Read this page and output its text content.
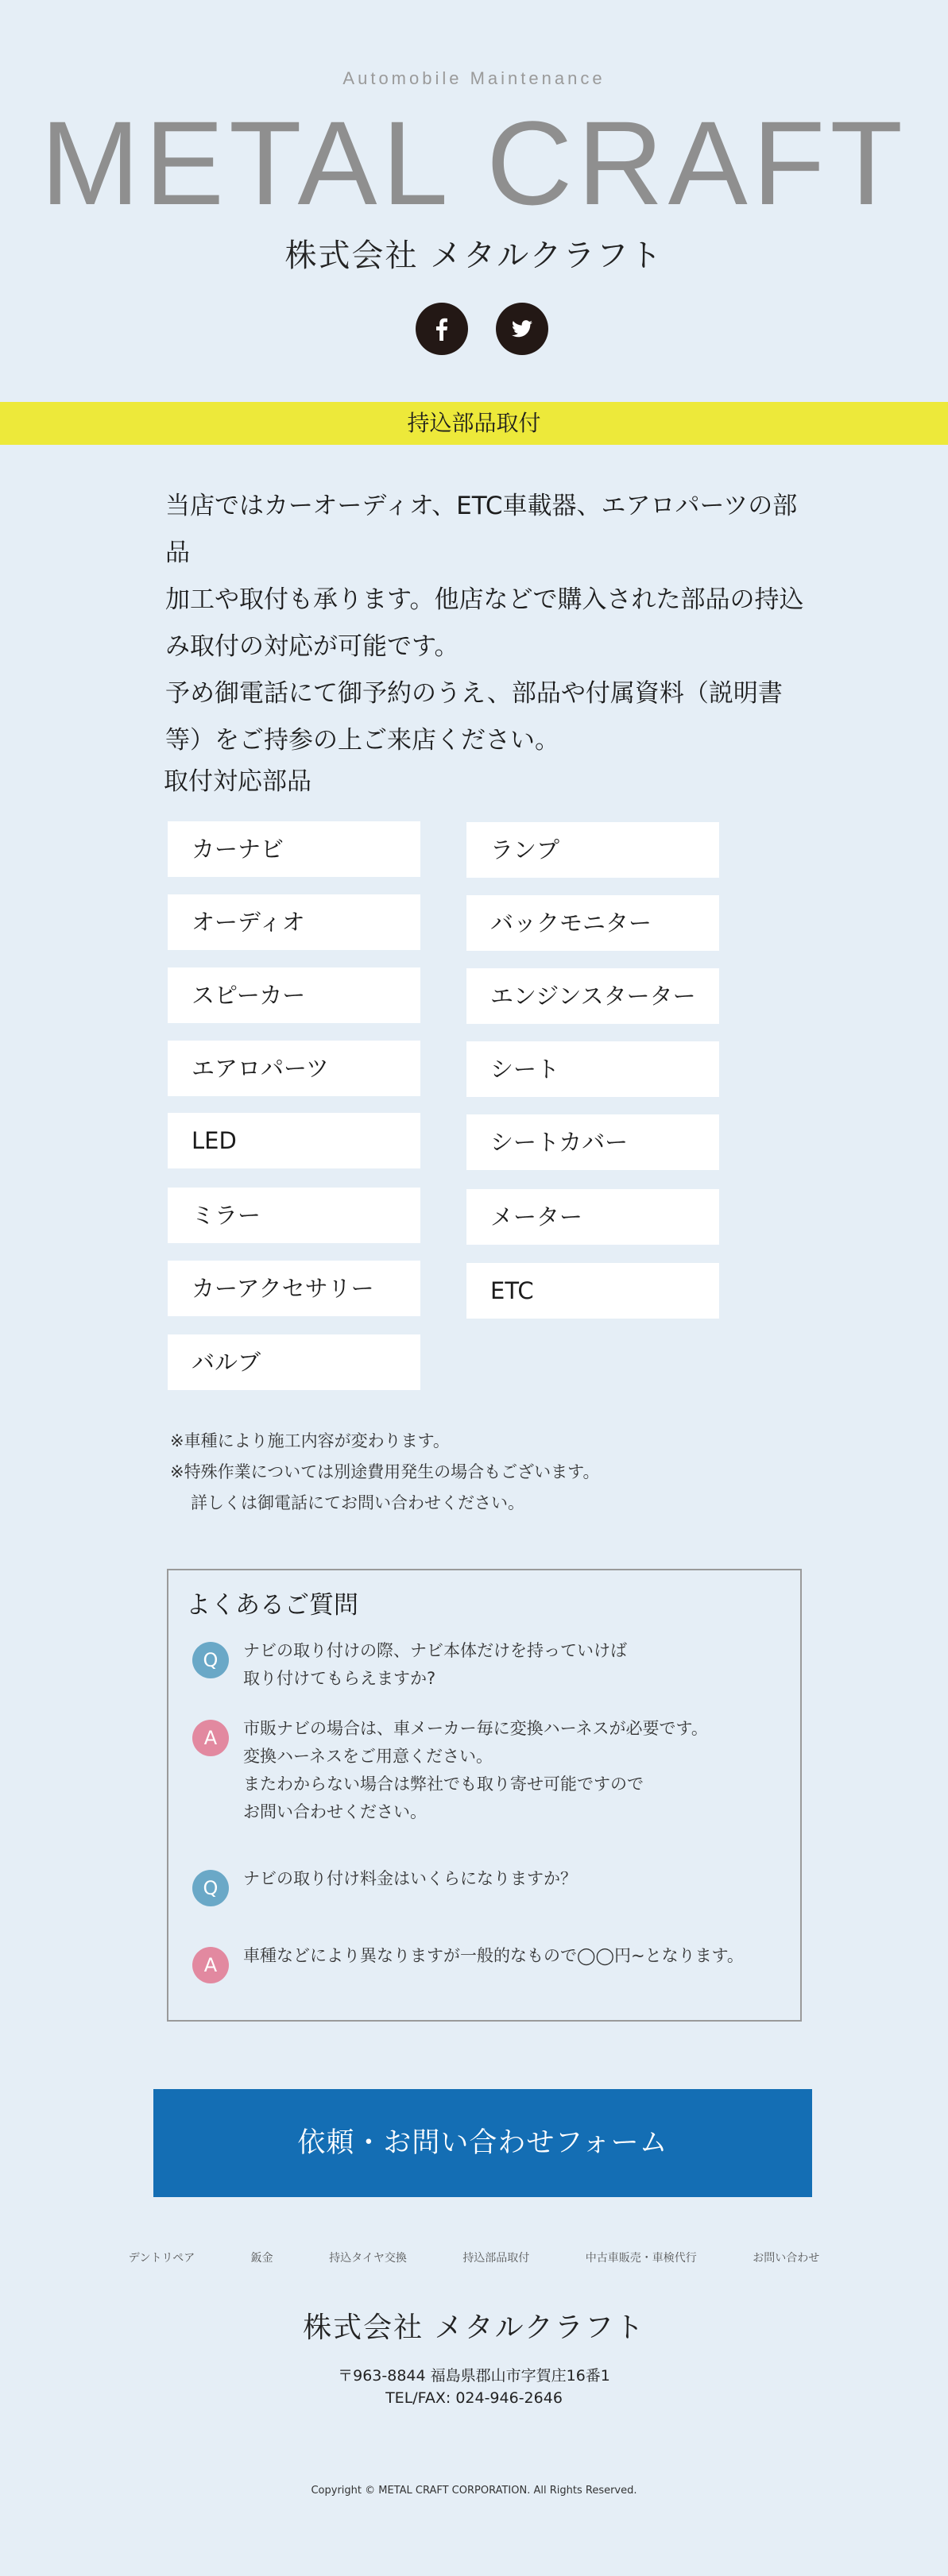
Automobile Maintenance
METAL CRAFT
株式会社 メタルクラフト
持込部品取付
当店ではカーオーディオ、ETC車載器、エアロパーツの部品
加工や取付も承ります。他店などで購入された部品の持込
み取付の対応が可能です。
予め御電話にて御予約のうえ、部品や付属資料（説明書
等）をご持参の上ご来店ください。
取付対応部品
カーナビ
オーディオ
スピーカー
エアロパーツ
LED
ミラー
カーアクセサリー
バルブ
ランプ
バックモニター
エンジンスターター
シート
シートカバー
メーター
ETC
※車種により施工内容が変わります。
※特殊作業については別途費用発生の場合もございます。
詳しくは御電話にてお問い合わせください。
よくあるご質問
Q	ナビの取り付けの際、ナビ本体だけを持っていけば
取り付けてもらえますか?
A	市販ナビの場合は、車メーカー毎に変換ハーネスが必要です。
変換ハーネスをご用意ください。
またわからない場合は弊社でも取り寄せ可能ですので
お問い合わせください。
Q	ナビの取り付け料金はいくらになりますか？
A	車種などにより異なりますが一般的なもので◯◯円~となります。
依頼・お問い合わせフォーム
デントリペア	鈑金	持込タイヤ交換	持込部品取付	中古車販売・車検代行	お問い合わせ
株式会社 メタルクラフト
〒963-8844 福島県郡山市字賀庄16番1
TEL/FAX: 024-946-2646
Copyright © METAL CRAFT CORPORATION. All Rights Reserved.
